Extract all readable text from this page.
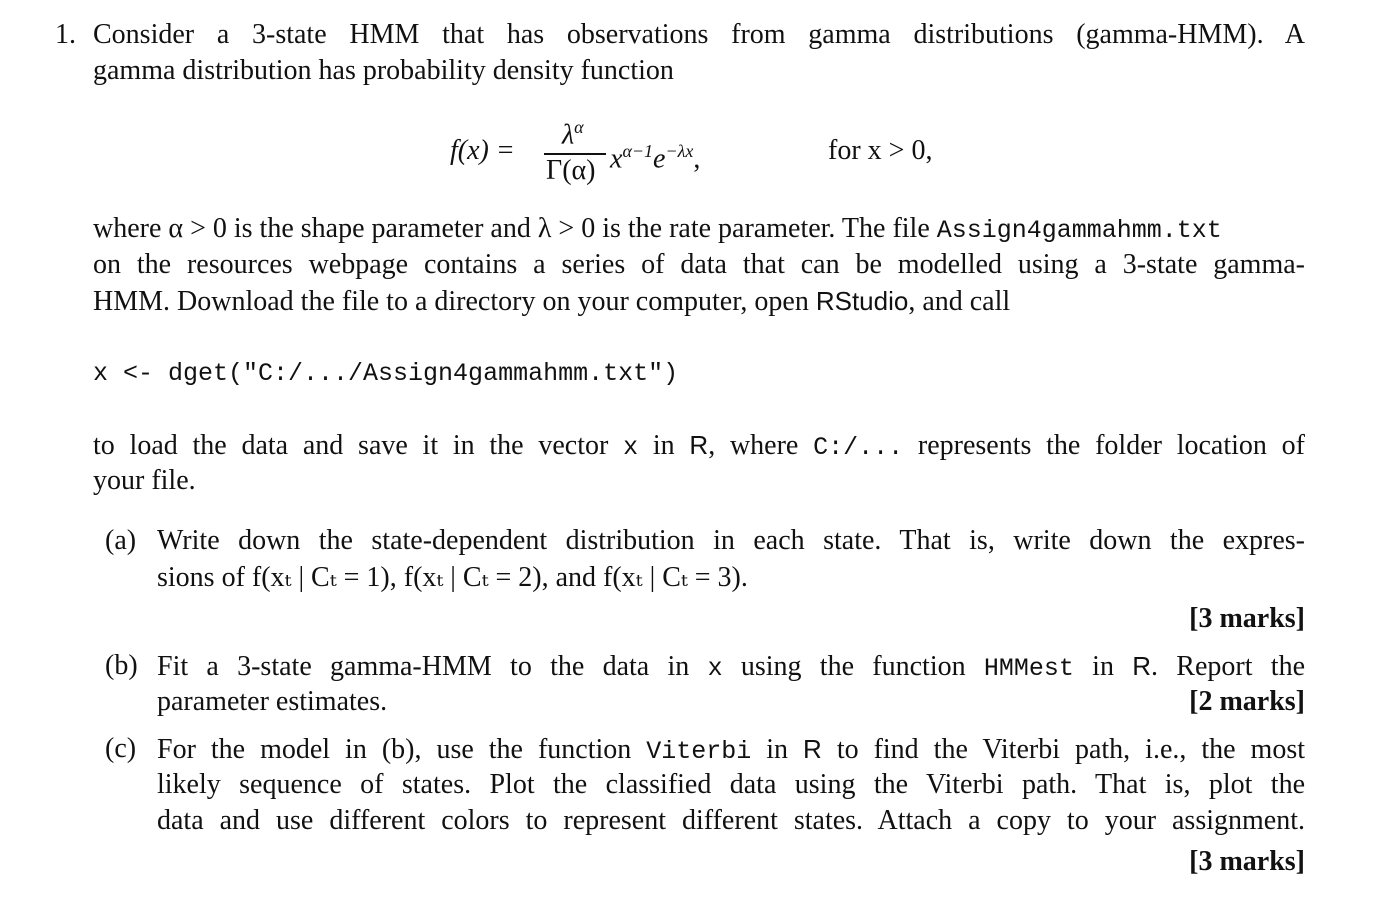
1. Consider a 3-state HMM that has observations from gamma distributions (gamma-HMM). A
gamma distribution has probability density function
f(x) =
$\lambda^\alpha$
Γ(α) $x^{\alpha-1}e^{-\lambda x}$,	for x > 0,
where α > 0 is the shape parameter and λ > 0 is the rate parameter. The file Assign4gammahmm.txt
on the resources webpage contains a series of data that can be modelled using a 3-state gamma-
HMM. Download the file to a directory on your computer, open RStudio, and call
x <- dget("C:/.../Assign4gammahmm.txt")
to load the data and save it in the vector x in R, where C:/... represents the folder location of
your file.
(a) Write down the state-dependent distribution in each state. That is, write down the expres-
sions of f(xₜ | Cₜ = 1), f(xₜ | Cₜ = 2), and f(xₜ | Cₜ = 3).
[3 marks]
(b) Fit a 3-state gamma-HMM to the data in x using the function HMMest in R. Report the
parameter estimates.	[2 marks]
(c) For the model in (b), use the function Viterbi in R to find the Viterbi path, i.e., the most
likely sequence of states. Plot the classified data using the Viterbi path. That is, plot the
data and use different colors to represent different states. Attach a copy to your assignment.
[3 marks]
